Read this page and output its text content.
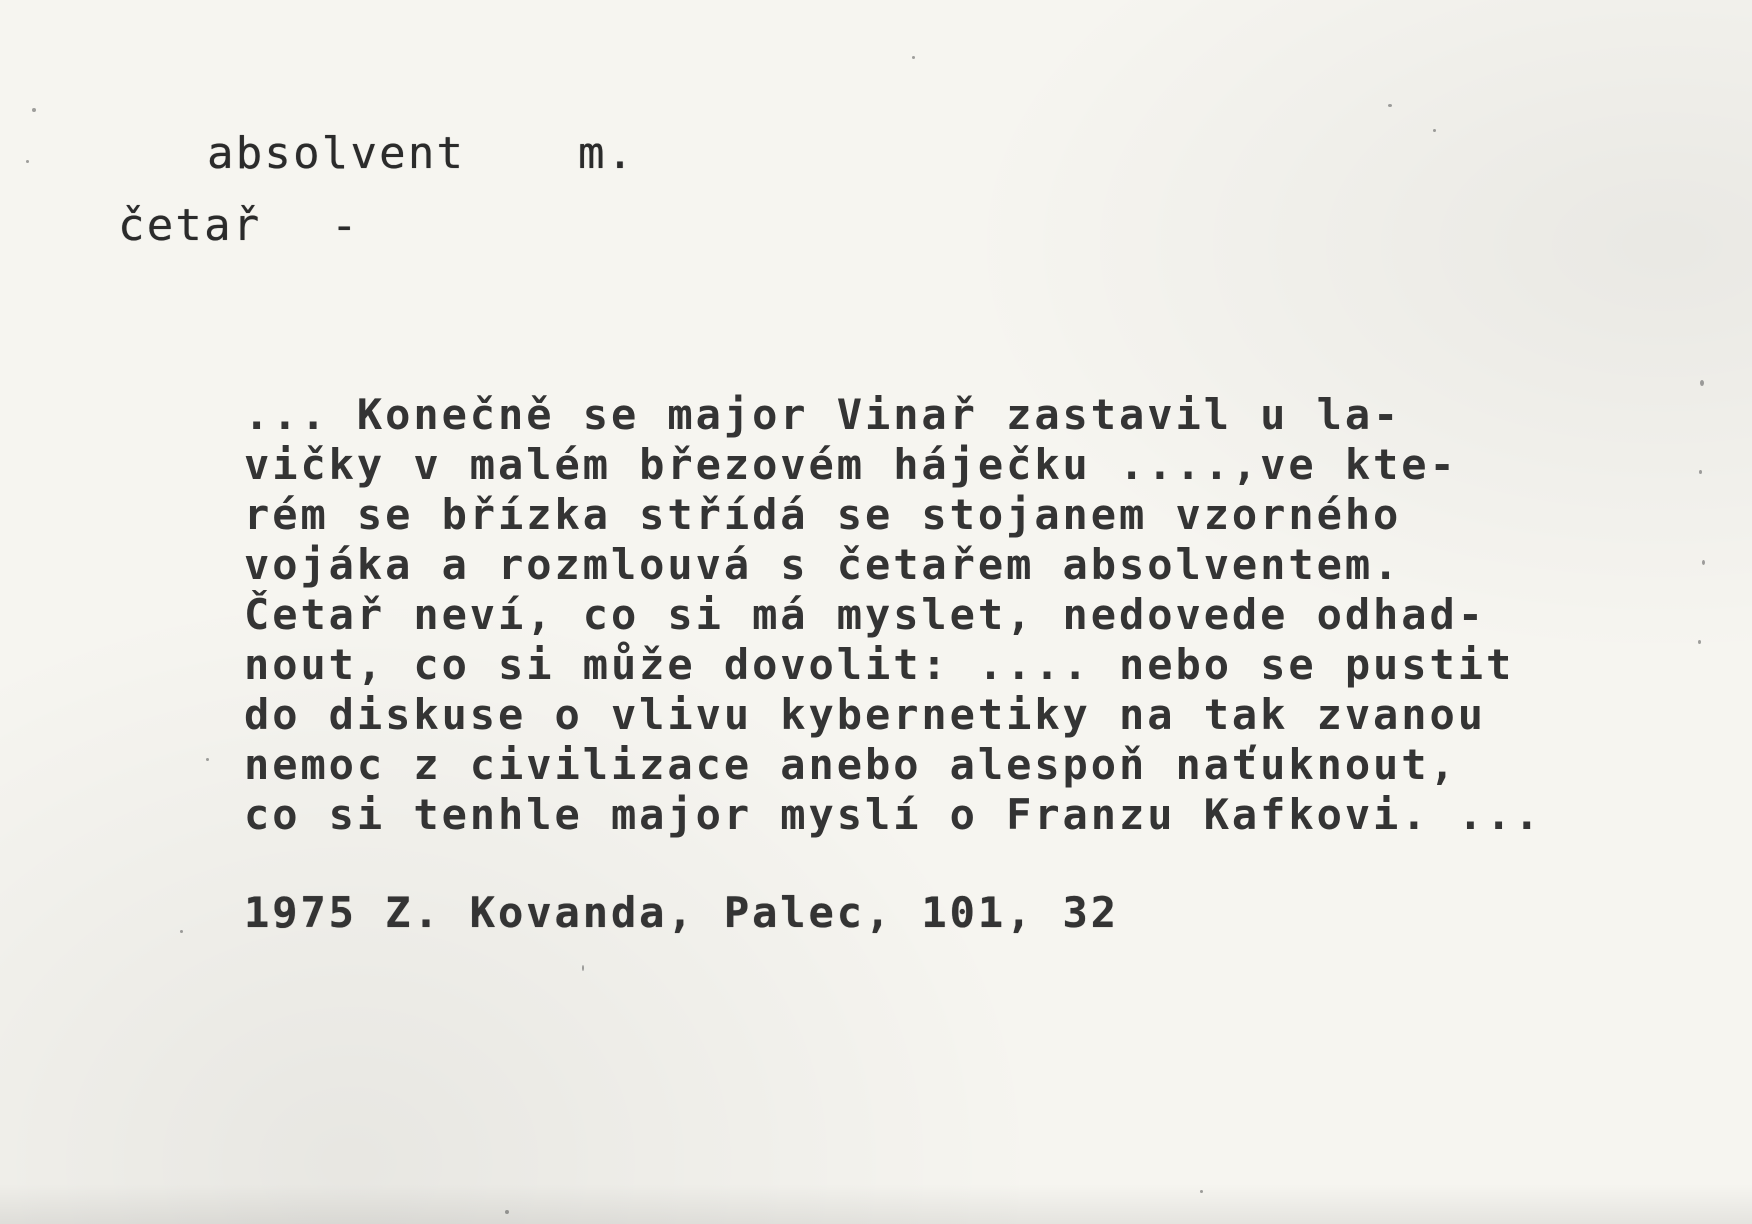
absolvent	m.

četař -

... Konečně se major Vinař zastavil u la-
vičky v malém březovém háječku ....,ve kte-
rém se břízka střídá se stojanem vzorného
vojáka a rozmlouvá s četařem absolventem.
Četař neví, co si má myslet, nedovede odhad-
nout, co si může dovolit: .... nebo se pustit
do diskuse o vlivu kybernetiky na tak zvanou
nemoc z civilizace anebo alespoň naťuknout,
co si tenhle major myslí o Franzu Kafkovi. ...

1975 Z. Kovanda, Palec, 101, 32
